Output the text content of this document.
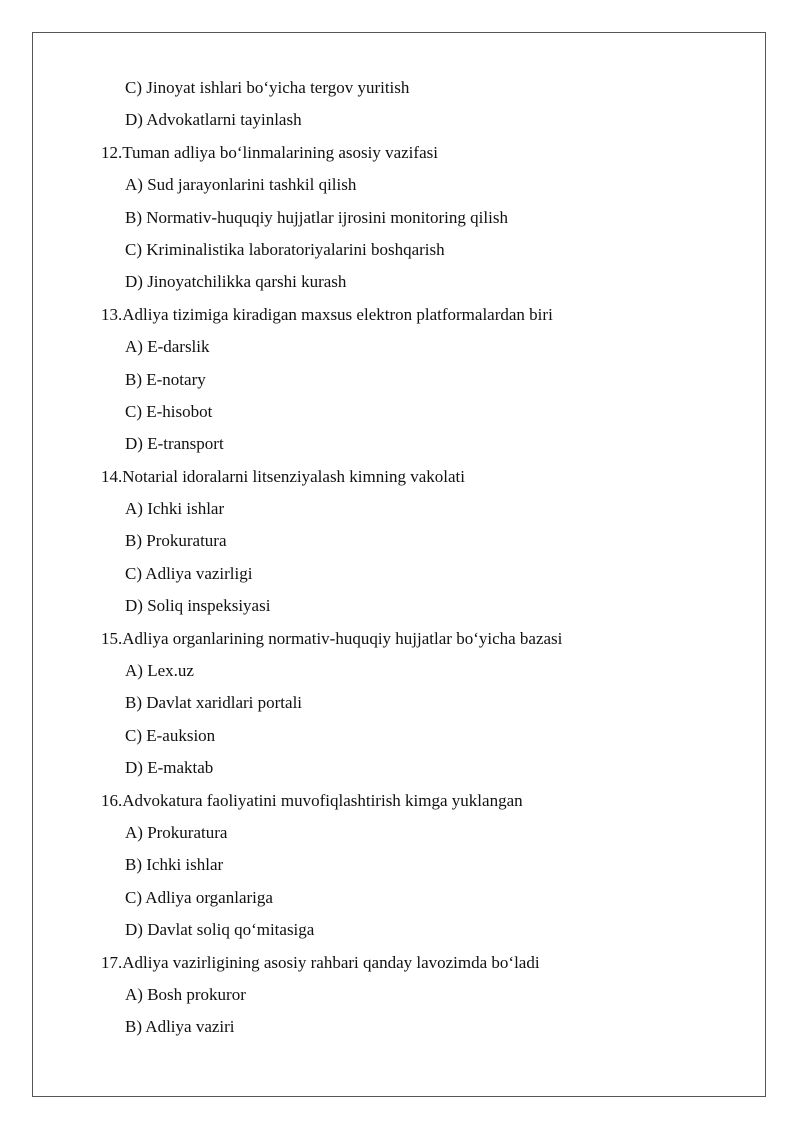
C) Jinoyat ishlari bo‘yicha tergov yuritish
D) Advokatlarni tayinlash
12.Tuman adliya bo‘linmalarining asosiy vazifasi
A) Sud jarayonlarini tashkil qilish
B) Normativ-huquqiy hujjatlar ijrosini monitoring qilish
C) Kriminalistika laboratoriyalarini boshqarish
D) Jinoyatchilikka qarshi kurash
13.Adliya tizimiga kiradigan maxsus elektron platformalardan biri
A) E-darslik
B) E-notary
C) E-hisobot
D) E-transport
14.Notarial idoralarni litsenziyalash kimning vakolati
A) Ichki ishlar
B) Prokuratura
C) Adliya vazirligi
D) Soliq inspeksiyasi
15.Adliya organlarining normativ-huquqiy hujjatlar bo‘yicha bazasi
A) Lex.uz
B) Davlat xaridlari portali
C) E-auksion
D) E-maktab
16.Advokatura faoliyatini muvofiqlashtirish kimga yuklangan
A) Prokuratura
B) Ichki ishlar
C) Adliya organlariga
D) Davlat soliq qo‘mitasiga
17.Adliya vazirligining asosiy rahbari qanday lavozimda bo‘ladi
A) Bosh prokuror
B) Adliya vaziri
